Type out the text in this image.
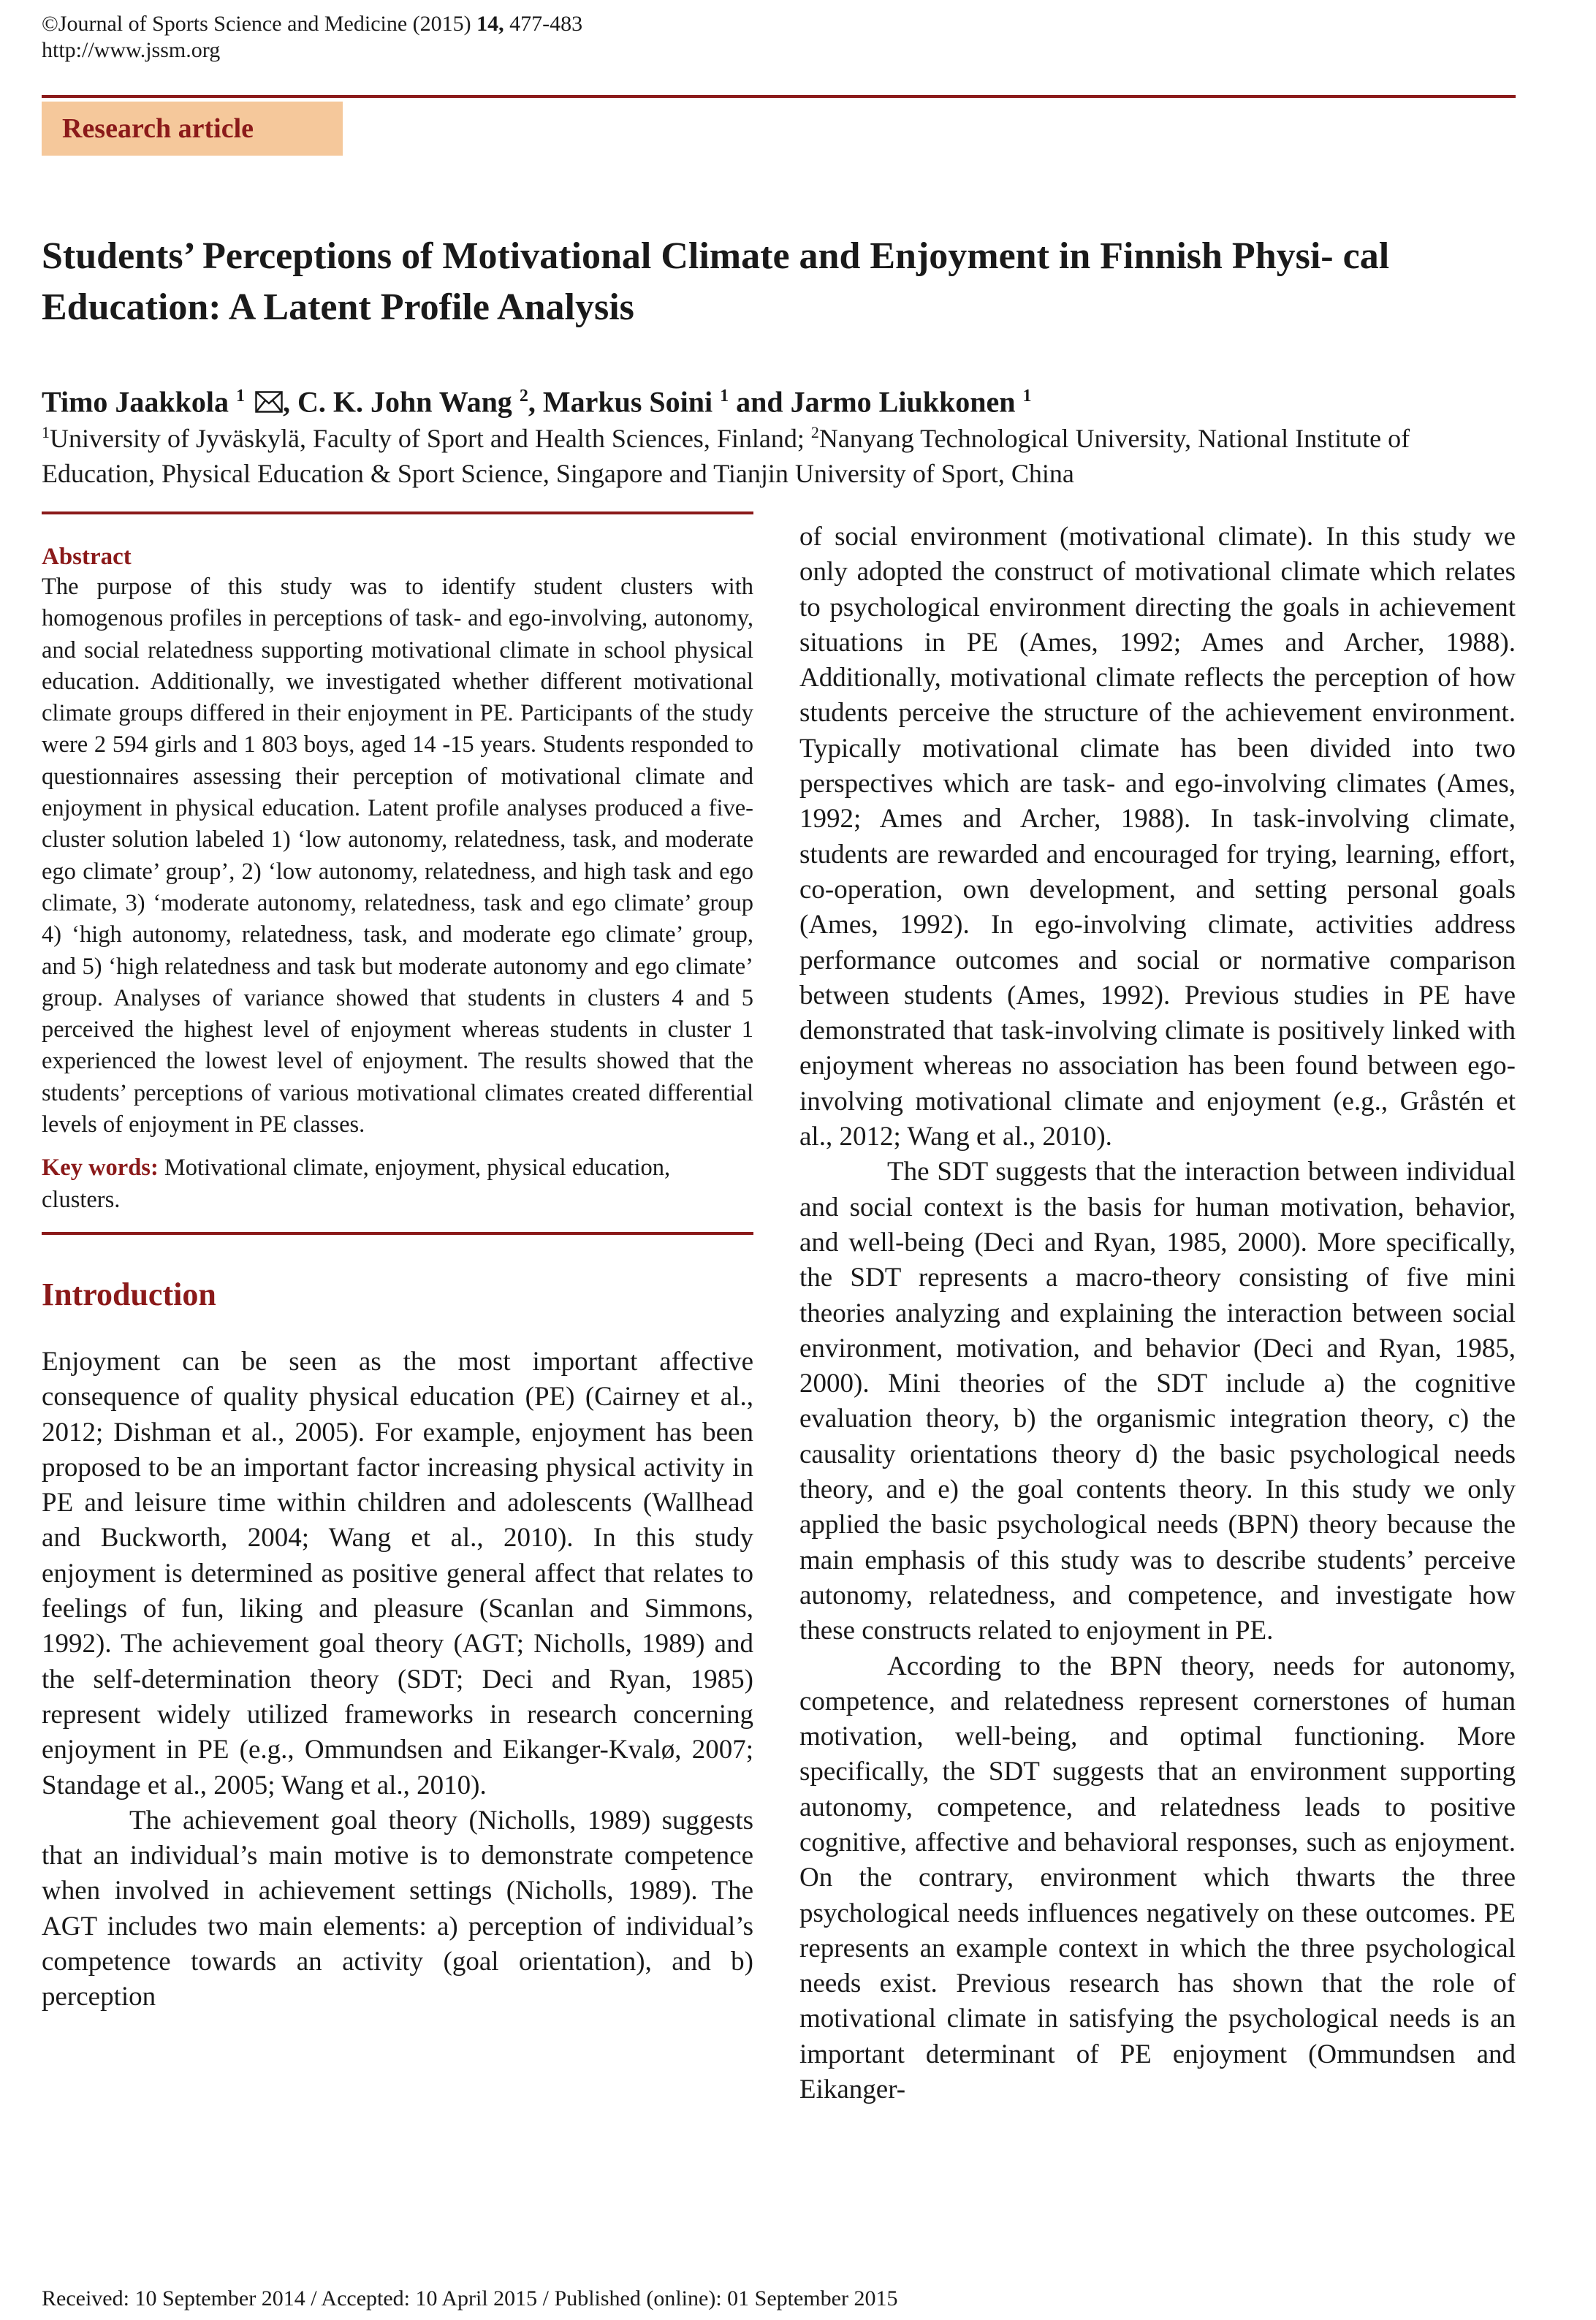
©Journal of Sports Science and Medicine (2015) 14, 477-483
http://www.jssm.org
Research article
Students’ Perceptions of Motivational Climate and Enjoyment in Finnish Physi- cal Education: A Latent Profile Analysis
Timo Jaakkola $^1$ , C. K. John Wang $^2$, Markus Soini $^1$ and Jarmo Liukkonen $^1$

$^1$University of Jyväskylä, Faculty of Sport and Health Sciences, Finland; $^2$Nanyang Technological University, National Institute of Education, Physical Education & Sport Science, Singapore and Tianjin University of Sport, China

Abstract

The purpose of this study was to identify student clusters with homogenous profiles in perceptions of task- and ego-involving, autonomy, and social relatedness supporting motivational climate in school physical education. Additionally, we investigated whether different motivational climate groups differed in their enjoyment in PE. Participants of the study were 2 594 girls and 1 803 boys, aged 14 -15 years. Students responded to questionnaires assessing their perception of motivational climate and enjoyment in physical education. Latent profile analyses produced a five-cluster solution labeled 1) ‘low autonomy, relatedness, task, and moderate ego climate’ group’, 2) ‘low autonomy, relatedness, and high task and ego climate, 3) ‘moderate autonomy, relatedness, task and ego climate’ group 4) ‘high autonomy, relatedness, task, and moderate ego climate’ group, and 5) ‘high relatedness and task but moderate autonomy and ego climate’ group. Analyses of variance showed that students in clusters 4 and 5 perceived the highest level of enjoyment whereas students in cluster 1 experienced the lowest level of enjoyment. The results showed that the students’ perceptions of various motivational climates created differential levels of enjoyment in PE classes.

Key words: Motivational climate, enjoyment, physical education, clusters.

Introduction

Enjoyment can be seen as the most important affective consequence of quality physical education (PE) (Cairney et al., 2012; Dishman et al., 2005). For example, enjoyment has been proposed to be an important factor increasing physical activity in PE and leisure time within children and adolescents (Wallhead and Buckworth, 2004; Wang et al., 2010). In this study enjoyment is determined as positive general affect that relates to feelings of fun, liking and pleasure (Scanlan and Simmons, 1992). The achievement goal theory (AGT; Nicholls, 1989) and the self-determination theory (SDT; Deci and Ryan, 1985) represent widely utilized frameworks in research concerning enjoyment in PE (e.g., Ommundsen and Eikanger-Kvalø, 2007; Standage et al., 2005; Wang et al., 2010).

The achievement goal theory (Nicholls, 1989) suggests that an individual’s main motive is to demonstrate competence when involved in achievement settings (Nicholls, 1989). The AGT includes two main elements: a) perception of individual’s competence towards an activity (goal orientation), and b) perception

of social environment (motivational climate). In this study we only adopted the construct of motivational climate which relates to psychological environment directing the goals in achievement situations in PE (Ames, 1992; Ames and Archer, 1988). Additionally, motivational climate reflects the perception of how students perceive the structure of the achievement environment. Typically motivational climate has been divided into two perspectives which are task- and ego-involving climates (Ames, 1992; Ames and Archer, 1988). In task-involving climate, students are rewarded and encouraged for trying, learning, effort, co-operation, own development, and setting personal goals (Ames, 1992). In ego-involving climate, activities address performance outcomes and social or normative comparison between students (Ames, 1992). Previous studies in PE have demonstrated that task-involving climate is positively linked with enjoyment whereas no association has been found between ego-involving motivational climate and enjoyment (e.g., Gråstén et al., 2012; Wang et al., 2010).

The SDT suggests that the interaction between individual and social context is the basis for human motivation, behavior, and well-being (Deci and Ryan, 1985, 2000). More specifically, the SDT represents a macro-theory consisting of five mini theories analyzing and explaining the interaction between social environment, motivation, and behavior (Deci and Ryan, 1985, 2000). Mini theories of the SDT include a) the cognitive evaluation theory, b) the organismic integration theory, c) the causality orientations theory d) the basic psychological needs theory, and e) the goal contents theory. In this study we only applied the basic psychological needs (BPN) theory because the main emphasis of this study was to describe students’ perceive autonomy, relatedness, and competence, and investigate how these constructs related to enjoyment in PE.

According to the BPN theory, needs for autonomy, competence, and relatedness represent cornerstones of human motivation, well-being, and optimal functioning. More specifically, the SDT suggests that an environment supporting autonomy, competence, and relatedness leads to positive cognitive, affective and behavioral responses, such as enjoyment. On the contrary, environment which thwarts the three psychological needs influences negatively on these outcomes. PE represents an example context in which the three psychological needs exist. Previous research has shown that the role of motivational climate in satisfying the psychological needs is an important determinant of PE enjoyment (Ommundsen and Eikanger-

Received: 10 September 2014 / Accepted: 10 April 2015 / Published (online): 01 September 2015
